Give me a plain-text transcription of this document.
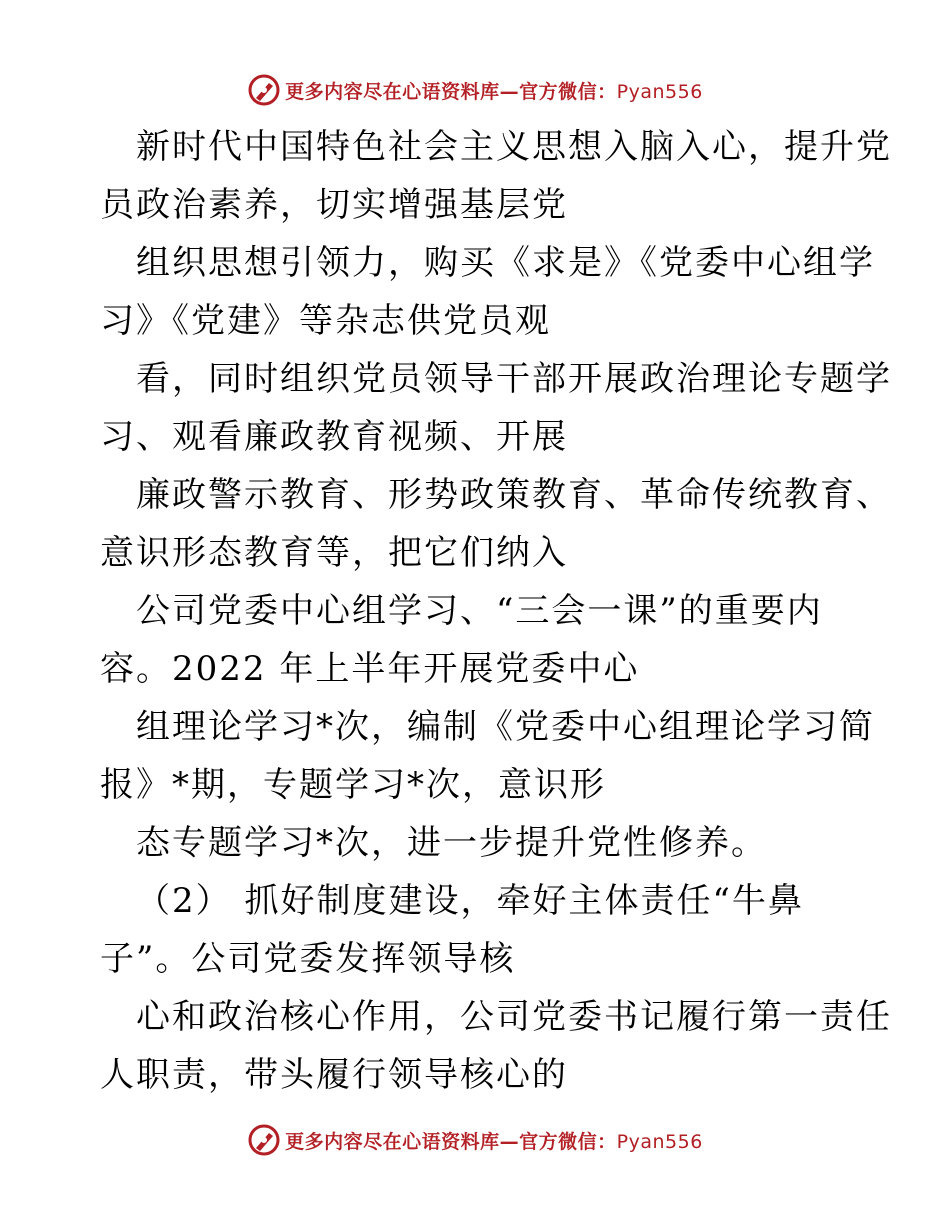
更多内容尽在心语资料库—官方微信：Pyan556
新时代中国特色社会主义思想入脑入心，提升党
员政治素养，切实增强基层党
组织思想引领力，购买《求是》《党委中心组学
习》《党建》等杂志供党员观
看，同时组织党员领导干部开展政治理论专题学
习、观看廉政教育视频、开展
廉政警示教育、形势政策教育、革命传统教育、
意识形态教育等，把它们纳入
公司党委中心组学习、“三会一课”的重要内
容。2022 年上半年开展党委中心
组理论学习*次，编制《党委中心组理论学习简
报》*期，专题学习*次，意识形
态专题学习*次，进一步提升党性修养。
（2） 抓好制度建设，牵好主体责任“牛鼻
子”。公司党委发挥领导核
心和政治核心作用，公司党委书记履行第一责任
人职责，带头履行领导核心的
更多内容尽在心语资料库—官方微信：Pyan556
